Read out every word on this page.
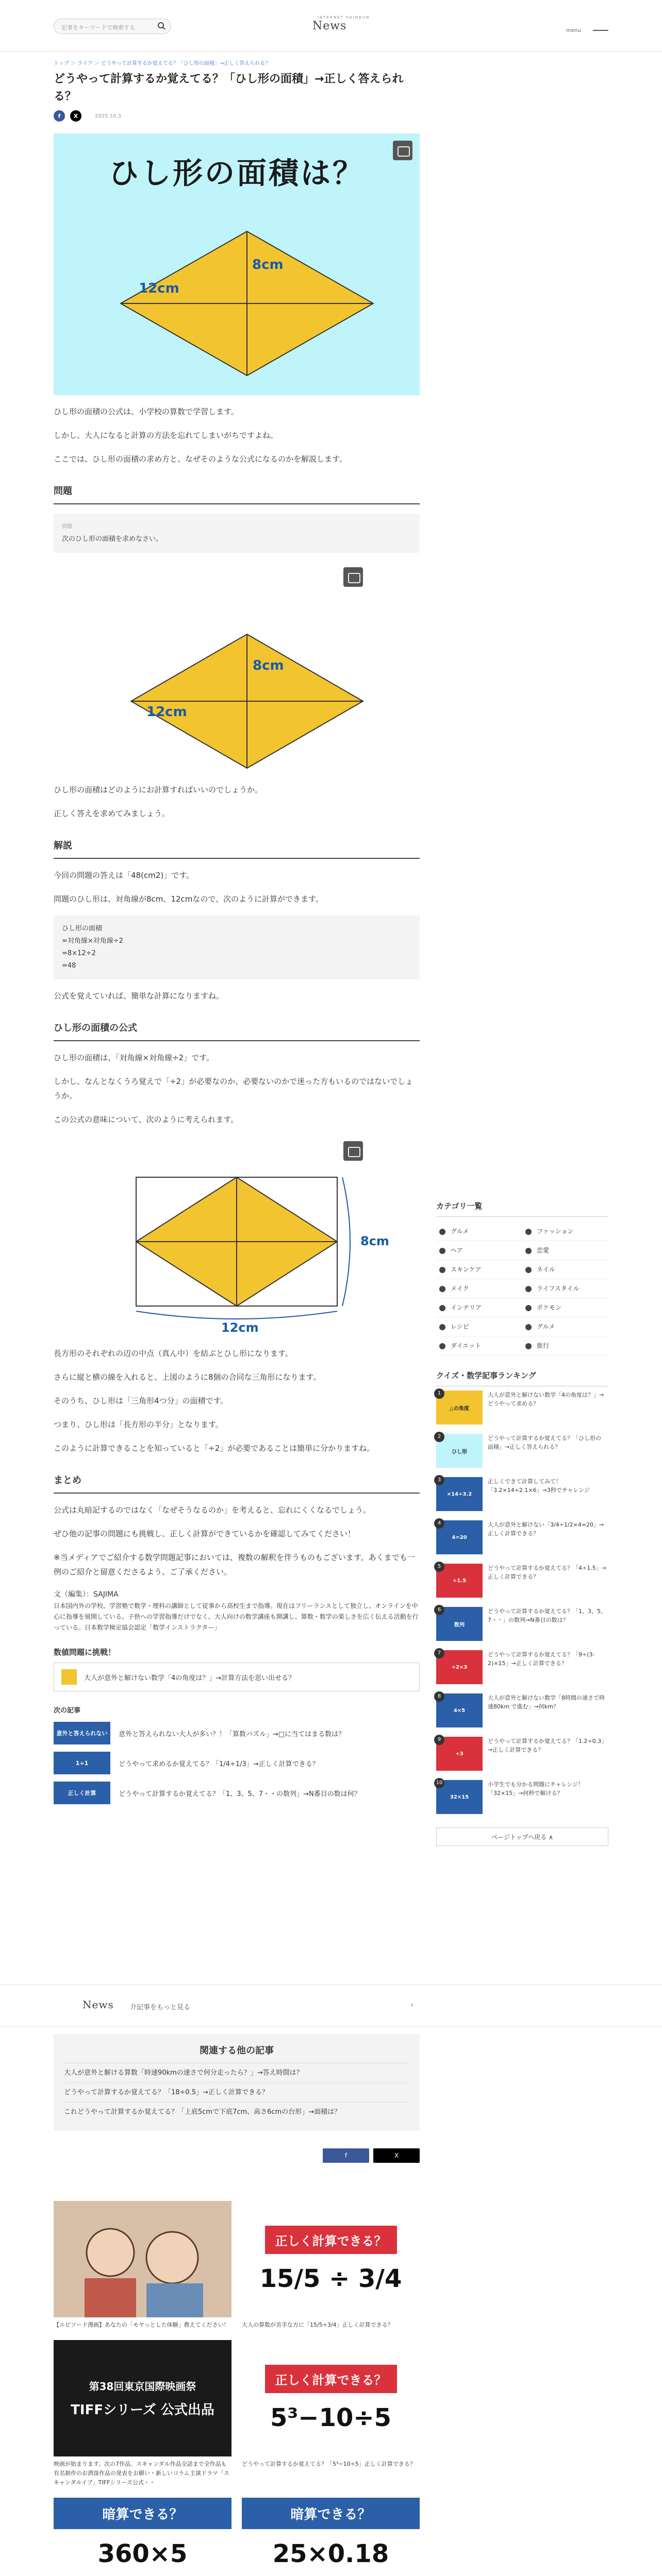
記事をキーワードで検索する
INTERNET SHINBUN
News	menu
トップ ＞ ライフ ＞ どうやって計算するか覚えてる？「ひし形の面積」→正しく答えられる？
どうやって計算するか覚えてる？「ひし形の面積」→正しく答えられる？
f	X	2025.10.3
ひし形の面積は？
8cm
12cm

ひし形の面積の公式は、小学校の算数で学習します。

しかし、大人になると計算の方法を忘れてしまいがちですよね。

ここでは、ひし形の面積の求め方と、なぜそのような公式になるのかを解説します。

問題
問題
次のひし形の面積を求めなさい。
8cm
12cm

ひし形の面積はどのようにお計算すればいいのでしょうか。

正しく答えを求めてみましょう。

解説

今回の問題の答えは「48(cm2)」です。

問題のひし形は、対角線が8cm、12cmなので、次のように計算ができます。

ひし形の面積
=対角線×対角線÷2
=8×12÷2
=48

公式を覚えていれば、簡単な計算になりますね。

ひし形の面積の公式

ひし形の面積は、「対角線×対角線÷2」です。

しかし、なんとなくうろ覚えで「÷2」が必要なのか、必要ないのかで迷った方もいるのではないでしょうか。

この公式の意味について、次のように考えられます。

8cm
12cm

長方形のそれぞれの辺の中点（真ん中）を結ぶとひし形になります。

さらに縦と横の線を入れると、上図のように8個の合同な三角形になります。

そのうち、ひし形は「三角形4つ分」の面積です。

つまり、ひし形は「長方形の半分」となります。

このように計算できることを知っていると「÷2」が必要であることは簡単に分かりますね。

まとめ

公式は丸暗記するのではなく「なぜそうなるのか」を考えると、忘れにくくなるでしょう。

ぜひ他の記事の問題にも挑戦し、正しく計算ができているかを確認してみてください！

※当メディアでご紹介する数学問題記事においては、複数の解釈を伴うものもございます。あくまでも一例のご紹介と留意くださるよう、ご了承ください。

文（編集）：SAJIMA
日本国内外の学校、学習塾で数学・理科の講師として従事から高校生まで指導。現在はフリーランスとして独立し、オンラインを中心に指導を展開している。子供への学習指導だけでなく、大人向けの数学講座も開講し、算数・数学の楽しさを広く伝える活動を行っている。日本数学検定協会認定「数学インストラクター」
数値問題に挑戦！
大人が意外と解けない数学「4の角度は？」→計算方法を思い出せる？
次の記事
意外と答えられない	意外と答えられない大人が多い？！「算数パズル」→□に当てはまる数は？
1÷1	どうやって求めるか覚えてる？「1/4÷1/3」→正しく計算できる？
正しく計算	どうやって計算するか覚えてる？「1、3、5、7・・の数列」→N番目の数は何？
カテゴリ一覧
グルメ	ファッション
ヘア	恋愛
スキンケア	ネイル
メイク	ライフスタイル
インテリア	ポケモン
レシピ	グルメ
ダイエット	旅行
クイズ・数学記事ランキング
1
△の角度
大人が意外と解けない数学「4の角度は？」→どうやって求める？
2
ひし形
どうやって計算するか覚えてる？「ひし形の面積」→正しく答えられる？
3
×14÷3.2
正しくできて計算してみて！「3.2×14÷2.1×6」→3秒でチャレンジ
4
4=20
大人が意外と解けない「3/4÷1/2×4=20」→正しく計算できる？
5
÷1.5
どうやって計算するか覚えてる？「4÷1.5」→正しく計算できる？
6
数列
どうやって計算するか覚えてる？「1、3、5、7・・」の数列→N番目の数は？
7
÷2×3
どうやって計算するか覚えてる？「9÷(3-2)×15」→正しく計算できる？
8
4×5
大人が意外と解けない数学「8時間の速さで時速80km で進む」→何km？
9
÷3
どうやって計算するか覚えてる？「1.2÷0.3」→正しく計算できる？
10
32×15
小学生でも分かる問題にチャレンジ！「32×15」→何秒で解ける？
ページトップへ戻る ∧
News 介記事をもっと見る	›
関連する他の記事
大人が意外と解ける算数「時速90kmの速さで何分走ったら？」→答え時間は？
どうやって計算するか覚えてる？「18÷0.5」→正しく計算できる？
これどうやって計算するか覚えてる？「上底5cmで下底7cm、高さ6cmの台形」→面積は？
f	X
【エピソード漫画】あなたの「モヤっとした体験」教えてください！
正しく計算できる？
15/5 ÷ 3/4
大人の算数が苦手な方に「15/5÷3/4」正しく計算できる？
第38回東京国際映画祭
TIFFシリーズ 公式出品
映画が始まります。次の7作品、スキャンダル作品全話まで全作品も有名制作のお洒落作品の発表をお願い・新しいコラム主演ドラマ「スキャンダルイブ」TIFFシリーズ公式・・
正しく計算できる？
5³−10÷5
どうやって計算するか覚えてる？「5³−10÷5」正しく計算できる？
暗算できる？
360×5
暗算できる？
25×0.18
